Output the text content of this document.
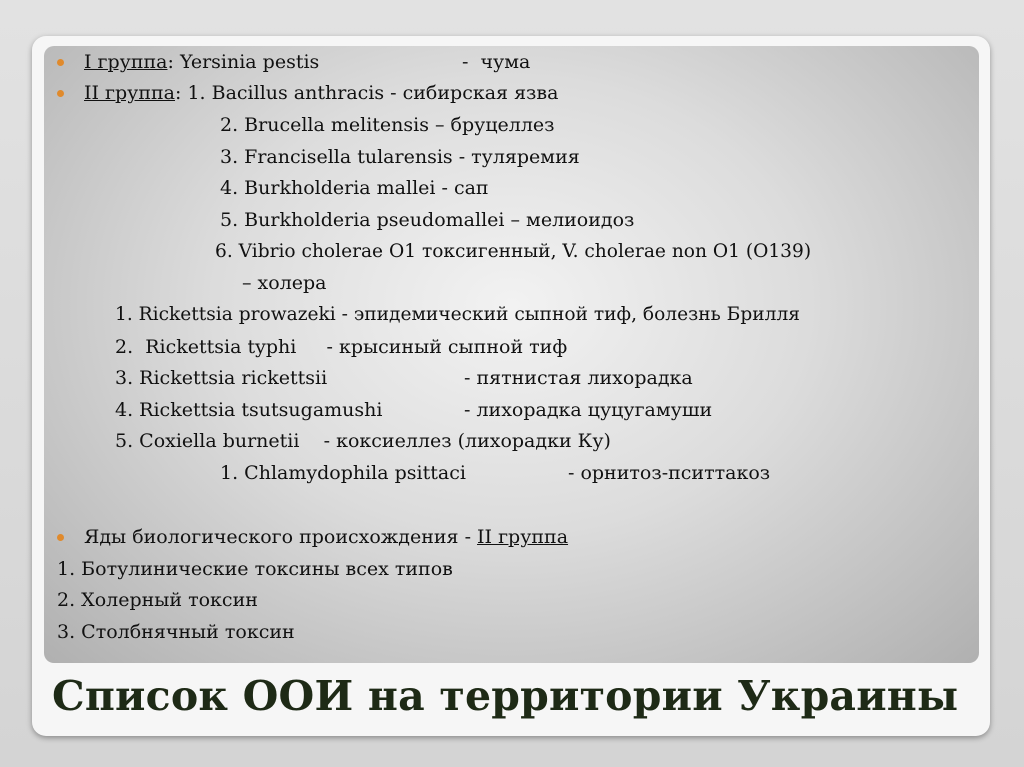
I группа: Yersinia pestis	-  чума
II группа: 1. Bacillus anthracis - сибирская язва
2. Brucella melitensis – бруцеллез
3. Francisella tularensis - туляремия
4. Burkholderia mallei - сап
5. Burkholderia pseudomallei – мелиоидоз
6. Vibrio cholerae O1 токсигенный, V. cholerae non O1 (O139)
– холера
1. Rickettsia prowazeki - эпидемический сыпной тиф, болезнь Брилля
2.  Rickettsia typhi     - крысиный сыпной тиф
3. Rickettsia rickettsii	- пятнистая лихорадка
4. Rickettsia tsutsugamushi	- лихорадка цуцугамуши
5. Coxiella burnetii    - коксиеллез (лихорадки Ку)
1. Chlamydophila psittaci	- орнитоз-пситтакоз
Яды биологического происхождения - II группа
1. Ботулинические токсины всех типов
2. Холерный токсин
3. Столбнячный токсин
Список ООИ на территории Украины
